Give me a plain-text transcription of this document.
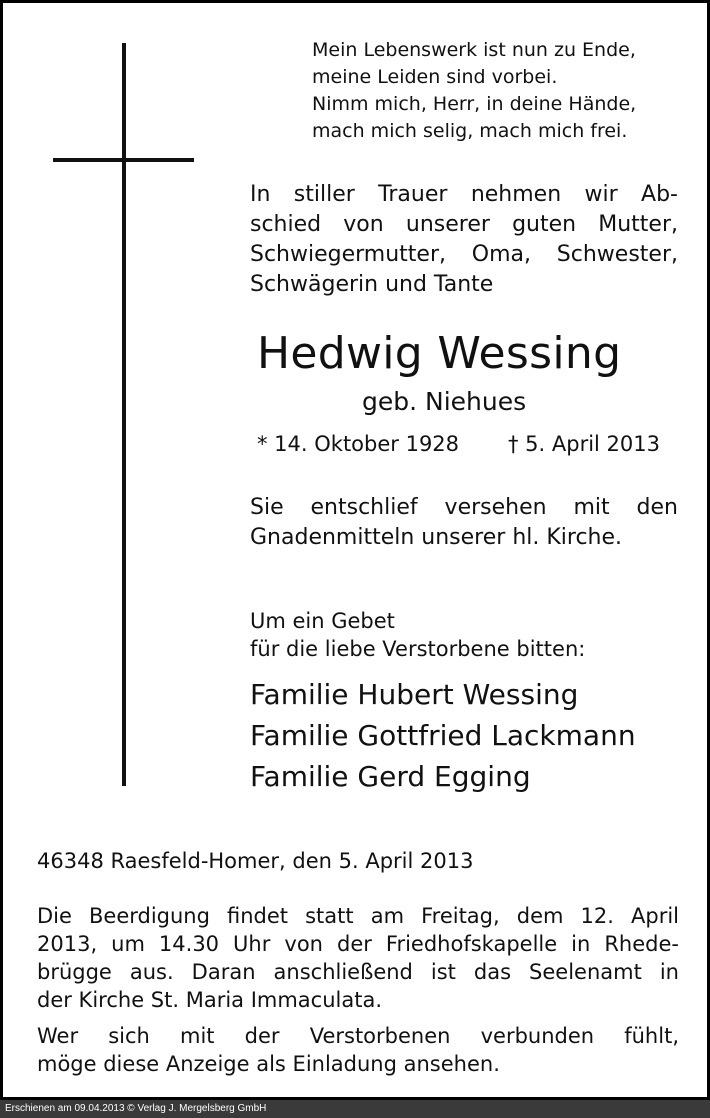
Mein Lebenswerk ist nun zu Ende,
meine Leiden sind vorbei.
Nimm mich, Herr, in deine Hände,
mach mich selig, mach mich frei.
In stiller Trauer nehmen wir Ab-
schied von unserer guten Mutter,
Schwiegermutter, Oma, Schwester,
Schwägerin und Tante
Hedwig Wessing
geb. Niehues
* 14. Oktober 1928 † 5. April 2013
Sie entschlief versehen mit den
Gnadenmitteln unserer hl. Kirche.
Um ein Gebet
für die liebe Verstorbene bitten:
Familie Hubert Wessing
Familie Gottfried Lackmann
Familie Gerd Egging
46348 Raesfeld-Homer, den 5. April 2013
Die Beerdigung findet statt am Freitag, dem 12. April
2013, um 14.30 Uhr von der Friedhofskapelle in Rhede-
brügge aus. Daran anschließend ist das Seelenamt in
der Kirche St. Maria Immaculata.
Wer sich mit der Verstorbenen verbunden fühlt,
möge diese Anzeige als Einladung ansehen.
Erschienen am 09.04.2013 © Verlag J. Mergelsberg GmbH
